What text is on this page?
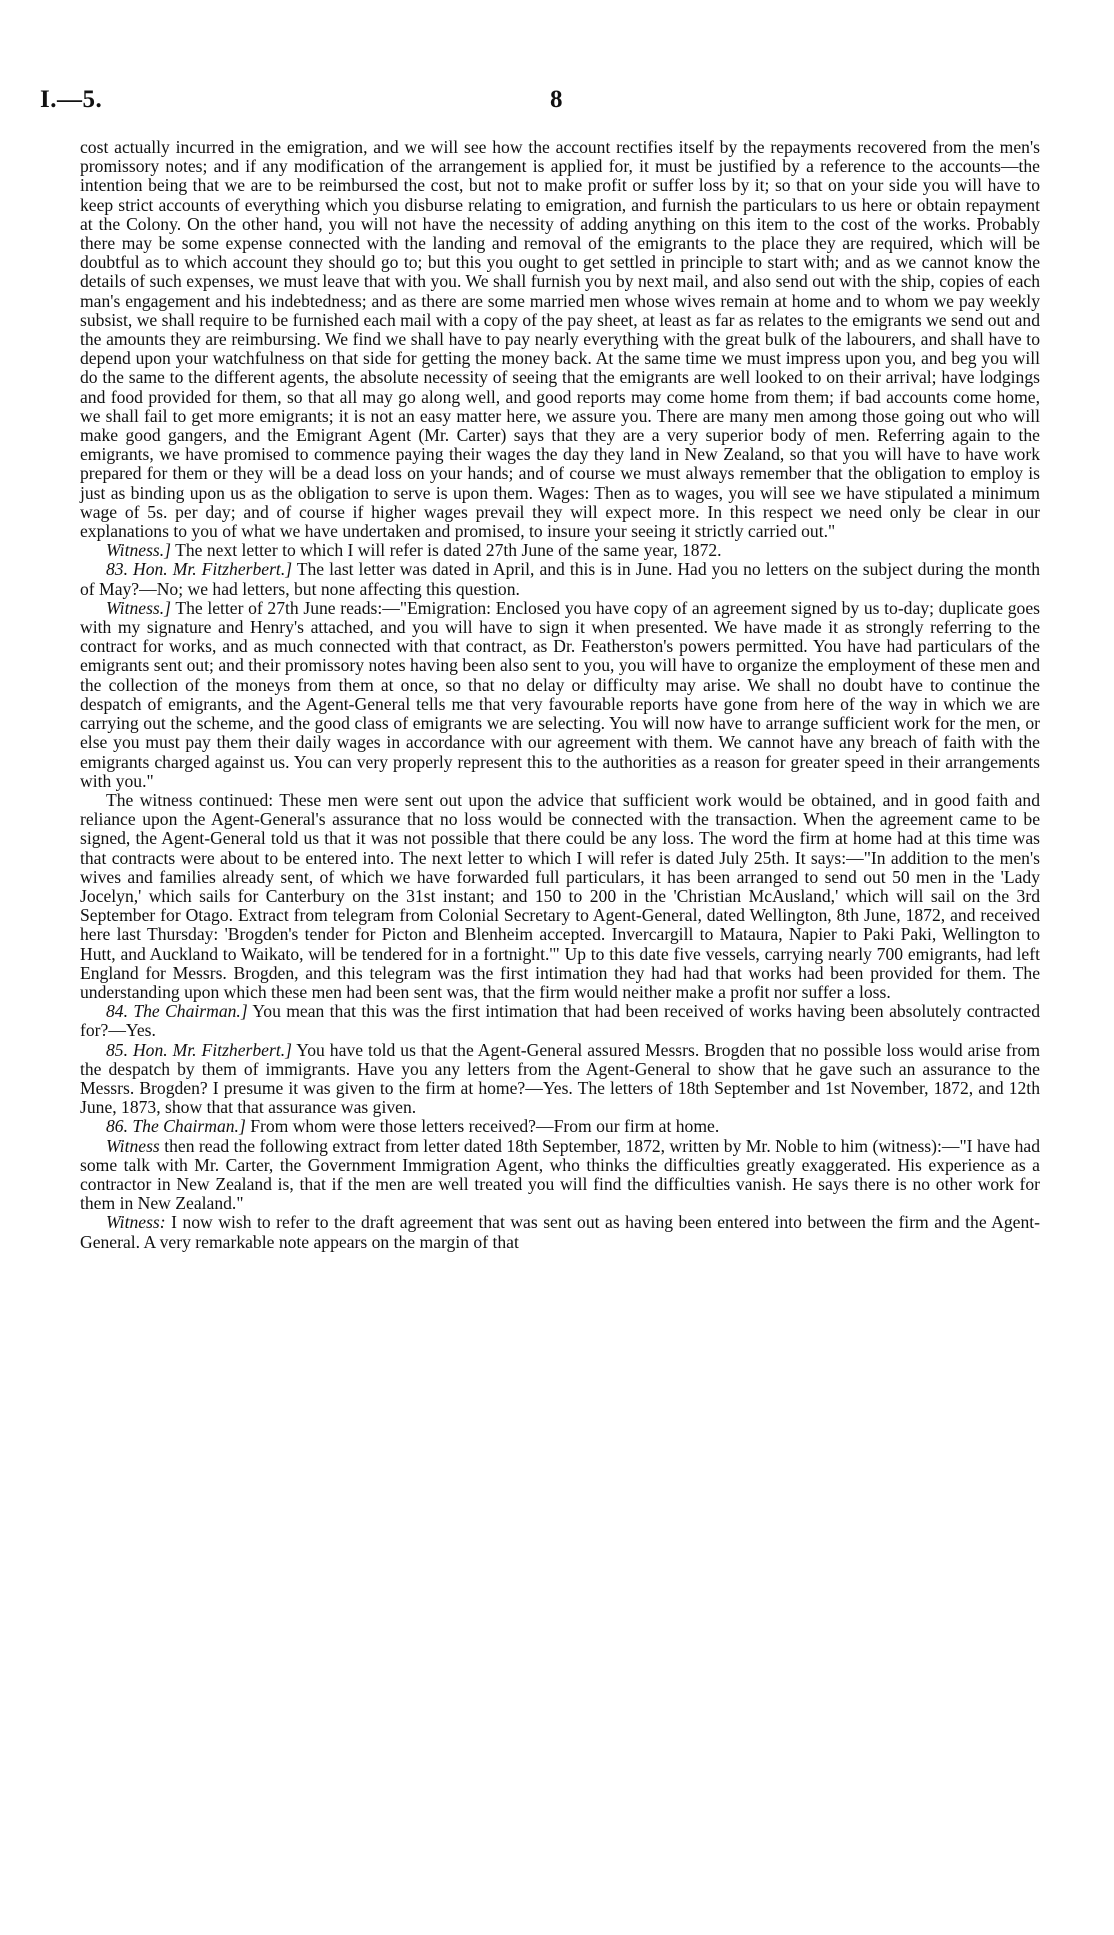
I.—5.	8

cost actually incurred in the emigration, and we will see how the account rectifies itself by the repayments recovered from the men's promissory notes; and if any modification of the arrangement is applied for, it must be justified by a reference to the accounts—the intention being that we are to be reimbursed the cost, but not to make profit or suffer loss by it; so that on your side you will have to keep strict accounts of everything which you disburse relating to emigration, and furnish the particulars to us here or obtain repayment at the Colony. On the other hand, you will not have the necessity of adding anything on this item to the cost of the works. Probably there may be some expense connected with the landing and removal of the emigrants to the place they are required, which will be doubtful as to which account they should go to; but this you ought to get settled in principle to start with; and as we cannot know the details of such expenses, we must leave that with you. We shall furnish you by next mail, and also send out with the ship, copies of each man's engagement and his indebtedness; and as there are some married men whose wives remain at home and to whom we pay weekly subsist, we shall require to be furnished each mail with a copy of the pay sheet, at least as far as relates to the emigrants we send out and the amounts they are reimbursing. We find we shall have to pay nearly everything with the great bulk of the labourers, and shall have to depend upon your watchfulness on that side for getting the money back. At the same time we must impress upon you, and beg you will do the same to the different agents, the absolute necessity of seeing that the emigrants are well looked to on their arrival; have lodgings and food provided for them, so that all may go along well, and good reports may come home from them; if bad accounts come home, we shall fail to get more emigrants; it is not an easy matter here, we assure you. There are many men among those going out who will make good gangers, and the Emigrant Agent (Mr. Carter) says that they are a very superior body of men. Referring again to the emigrants, we have promised to commence paying their wages the day they land in New Zealand, so that you will have to have work prepared for them or they will be a dead loss on your hands; and of course we must always remember that the obligation to employ is just as binding upon us as the obligation to serve is upon them. Wages: Then as to wages, you will see we have stipulated a minimum wage of 5s. per day; and of course if higher wages prevail they will expect more. In this respect we need only be clear in our explanations to you of what we have undertaken and promised, to insure your seeing it strictly carried out."

Witness.] The next letter to which I will refer is dated 27th June of the same year, 1872.

83. Hon. Mr. Fitzherbert.] The last letter was dated in April, and this is in June. Had you no letters on the subject during the month of May?—No; we had letters, but none affecting this question.

Witness.] The letter of 27th June reads:—"Emigration: Enclosed you have copy of an agreement signed by us to-day; duplicate goes with my signature and Henry's attached, and you will have to sign it when presented. We have made it as strongly referring to the contract for works, and as much connected with that contract, as Dr. Featherston's powers permitted. You have had particulars of the emigrants sent out; and their promissory notes having been also sent to you, you will have to organize the employment of these men and the collection of the moneys from them at once, so that no delay or difficulty may arise. We shall no doubt have to continue the despatch of emigrants, and the Agent-General tells me that very favourable reports have gone from here of the way in which we are carrying out the scheme, and the good class of emigrants we are selecting. You will now have to arrange sufficient work for the men, or else you must pay them their daily wages in accordance with our agreement with them. We cannot have any breach of faith with the emigrants charged against us. You can very properly represent this to the authorities as a reason for greater speed in their arrangements with you."

The witness continued: These men were sent out upon the advice that sufficient work would be obtained, and in good faith and reliance upon the Agent-General's assurance that no loss would be connected with the transaction. When the agreement came to be signed, the Agent-General told us that it was not possible that there could be any loss. The word the firm at home had at this time was that contracts were about to be entered into. The next letter to which I will refer is dated July 25th. It says:—"In addition to the men's wives and families already sent, of which we have forwarded full particulars, it has been arranged to send out 50 men in the 'Lady Jocelyn,' which sails for Canterbury on the 31st instant; and 150 to 200 in the 'Christian McAusland,' which will sail on the 3rd September for Otago. Extract from telegram from Colonial Secretary to Agent-General, dated Wellington, 8th June, 1872, and received here last Thursday: 'Brogden's tender for Picton and Blenheim accepted. Invercargill to Mataura, Napier to Paki Paki, Wellington to Hutt, and Auckland to Waikato, will be tendered for in a fortnight.'" Up to this date five vessels, carrying nearly 700 emigrants, had left England for Messrs. Brogden, and this telegram was the first intimation they had had that works had been provided for them. The understanding upon which these men had been sent was, that the firm would neither make a profit nor suffer a loss.

84. The Chairman.] You mean that this was the first intimation that had been received of works having been absolutely contracted for?—Yes.

85. Hon. Mr. Fitzherbert.] You have told us that the Agent-General assured Messrs. Brogden that no possible loss would arise from the despatch by them of immigrants. Have you any letters from the Agent-General to show that he gave such an assurance to the Messrs. Brogden? I presume it was given to the firm at home?—Yes. The letters of 18th September and 1st November, 1872, and 12th June, 1873, show that that assurance was given.

86. The Chairman.] From whom were those letters received?—From our firm at home.

Witness then read the following extract from letter dated 18th September, 1872, written by Mr. Noble to him (witness):—"I have had some talk with Mr. Carter, the Government Immigration Agent, who thinks the difficulties greatly exaggerated. His experience as a contractor in New Zealand is, that if the men are well treated you will find the difficulties vanish. He says there is no other work for them in New Zealand."

Witness: I now wish to refer to the draft agreement that was sent out as having been entered into between the firm and the Agent-General. A very remarkable note appears on the margin of that
